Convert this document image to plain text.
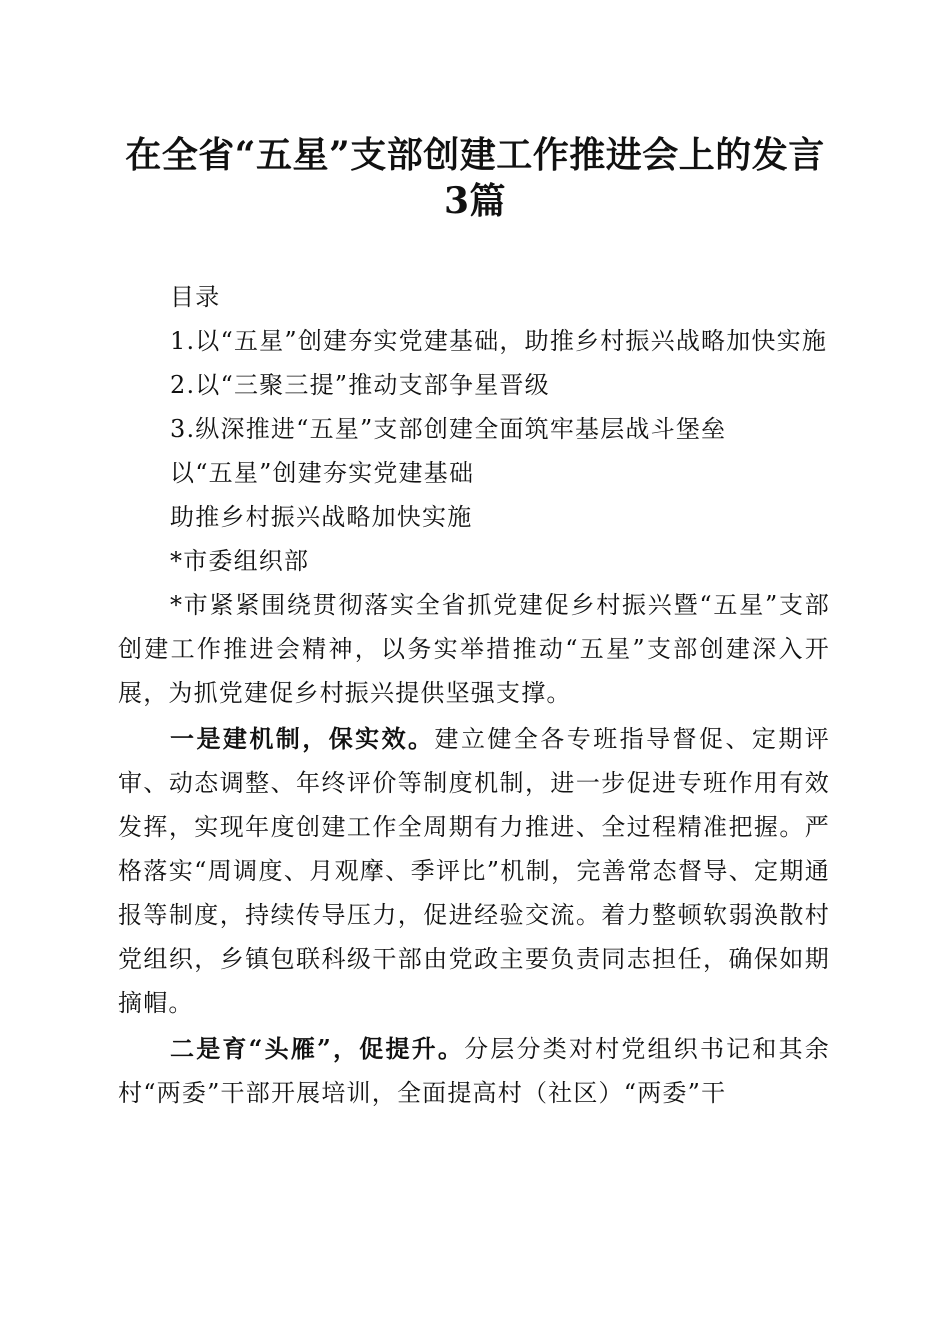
在全省“五星”支部创建工作推进会上的发言
3篇

目录

1.以“五星”创建夯实党建基础，助推乡村振兴战略加快实施

2.以“三聚三提”推动支部争星晋级

3.纵深推进“五星”支部创建全面筑牢基层战斗堡垒

以“五星”创建夯实党建基础

助推乡村振兴战略加快实施

*市委组织部

*市紧紧围绕贯彻落实全省抓党建促乡村振兴暨“五星”支部创建工作推进会精神，以务实举措推动“五星”支部创建深入开展，为抓党建促乡村振兴提供坚强支撑。

一是建机制，保实效。建立健全各专班指导督促、定期评审、动态调整、年终评价等制度机制，进一步促进专班作用有效发挥，实现年度创建工作全周期有力推进、全过程精准把握。严格落实“周调度、月观摩、季评比”机制，完善常态督导、定期通报等制度，持续传导压力，促进经验交流。着力整顿软弱涣散村党组织，乡镇包联科级干部由党政主要负责同志担任，确保如期摘帽。

二是育“头雁”，促提升。分层分类对村党组织书记和其余村“两委”干部开展培训，全面提高村（社区）“两委”干
